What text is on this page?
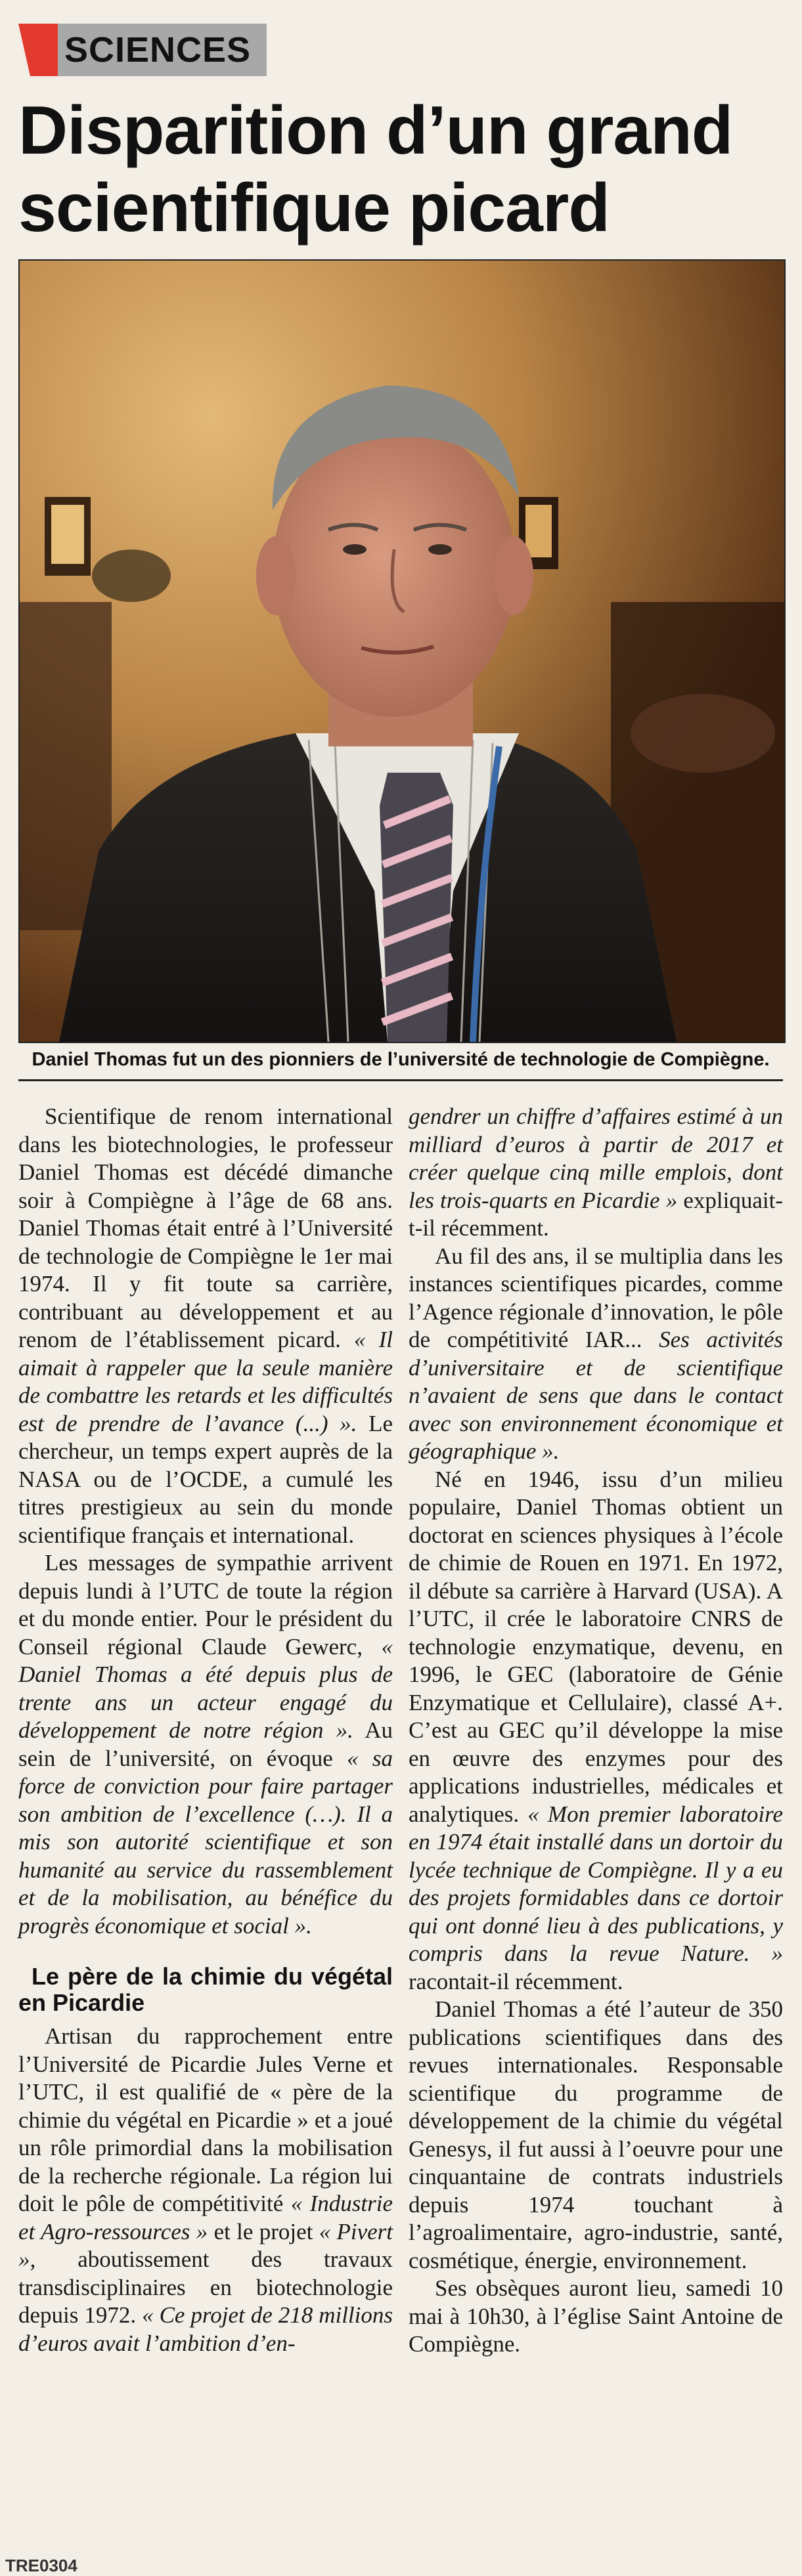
SCIENCES
Disparition d’un grand scientifique picard
Daniel Thomas fut un des pionniers de l’université de technologie de Compiègne.

Scientifique de renom international dans les biotechnologies, le professeur Daniel Thomas est décédé dimanche soir à Compiègne à l’âge de 68 ans. Daniel Thomas était entré à l’Université de technologie de Compiègne le 1er mai 1974. Il y fit toute sa carrière, contribuant au développement et au renom de l’établissement picard. « Il aimait à rappeler que la seule manière de combattre les retards et les difficultés est de prendre de l’avance (...) ». Le chercheur, un temps expert auprès de la NASA ou de l’OCDE, a cumulé les titres prestigieux au sein du monde scientifique français et international.

Les messages de sympathie arrivent depuis lundi à l’UTC de toute la région et du monde entier. Pour le président du Conseil régional Claude Gewerc, « Daniel Thomas a été depuis plus de trente ans un acteur engagé du développement de notre région ». Au sein de l’université, on évoque « sa force de conviction pour faire partager son ambition de l’excellence (…). Il a mis son autorité scientifique et son humanité au service du rassemblement et de la mobilisation, au bénéfice du progrès économique et social ».

Le père de la chimie du végétal en Picardie

Artisan du rapprochement entre l’Université de Picardie Jules Verne et l’UTC, il est qualifié de « père de la chimie du végétal en Picardie » et a joué un rôle primordial dans la mobilisation de la recherche régionale. La région lui doit le pôle de compétitivité « Industrie et Agro-ressources » et le projet « Pivert », aboutissement des travaux transdisciplinaires en biotechnologie depuis 1972. « Ce projet de 218 millions d’euros avait l’ambition d’en-

gendrer un chiffre d’affaires estimé à un milliard d’euros à partir de 2017 et créer quelque cinq mille emplois, dont les trois-quarts en Picardie » expliquait-t-il récemment.

Au fil des ans, il se multiplia dans les instances scientifiques picardes, comme l’Agence régionale d’innovation, le pôle de compétitivité IAR... Ses activités d’universitaire et de scientifique n’avaient de sens que dans le contact avec son environnement économique et géographique ».

Né en 1946, issu d’un milieu populaire, Daniel Thomas obtient un doctorat en sciences physiques à l’école de chimie de Rouen en 1971. En 1972, il débute sa carrière à Harvard (USA). A l’UTC, il crée le laboratoire CNRS de technologie enzymatique, devenu, en 1996, le GEC (laboratoire de Génie Enzymatique et Cellulaire), classé A+. C’est au GEC qu’il développe la mise en œuvre des enzymes pour des applications industrielles, médicales et analytiques. « Mon premier laboratoire en 1974 était installé dans un dortoir du lycée technique de Compiègne. Il y a eu des projets formidables dans ce dortoir qui ont donné lieu à des publications, y compris dans la revue Nature. » racontait-il récemment.

Daniel Thomas a été l’auteur de 350 publications scientifiques dans des revues internationales. Responsable scientifique du programme de développement de la chimie du végétal Genesys, il fut aussi à l’oeuvre pour une cinquantaine de contrats industriels depuis 1974 touchant à l’agroalimentaire, agro-industrie, santé, cosmétique, énergie, environnement.

Ses obsèques auront lieu, samedi 10 mai à 10h30, à l’église Saint Antoine de Compiègne.

TRE0304
